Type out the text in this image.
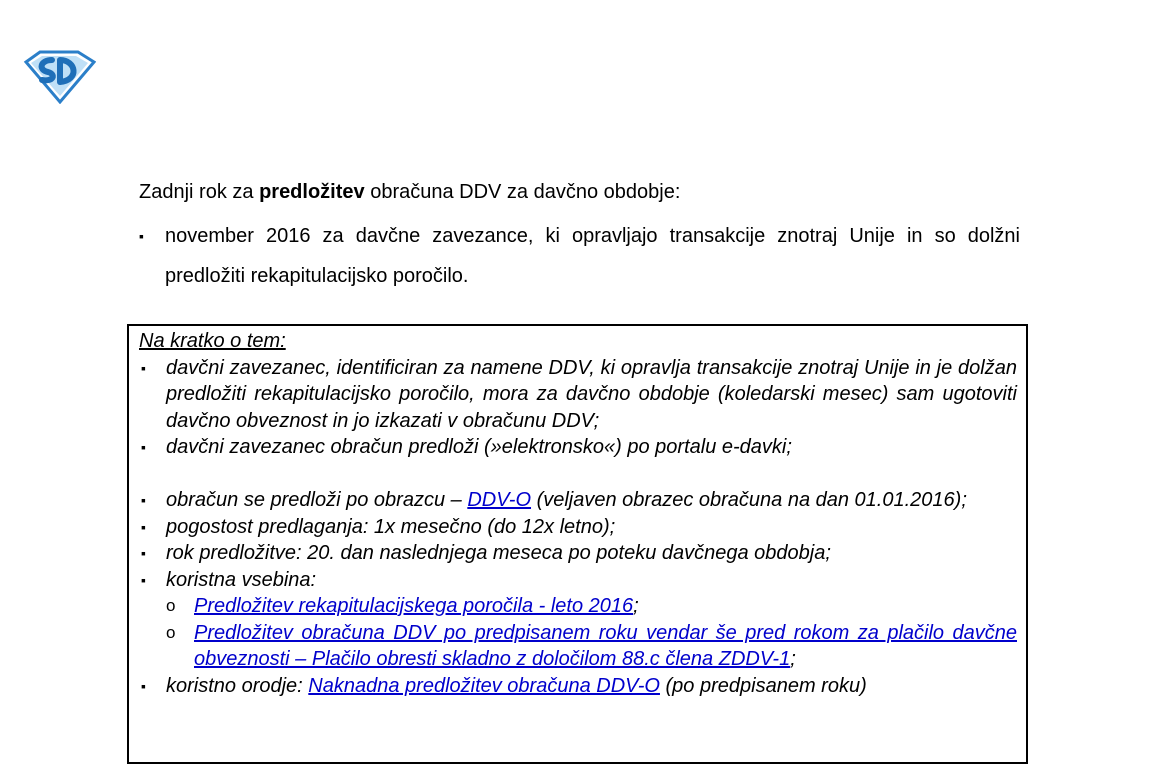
Zadnji rok za predložitev obračuna DDV za davčno obdobje:

▪ november 2016 za davčne zavezance, ki opravljajo transakcije znotraj Unije in so dolžni predložiti rekapitulacijsko poročilo.

Na kratko o tem:

▪ davčni zavezanec, identificiran za namene DDV, ki opravlja transakcije znotraj Unije in je dolžan predložiti rekapitulacijsko poročilo, mora za davčno obdobje (koledarski mesec) sam ugotoviti davčno obveznost in jo izkazati v obračunu DDV;
▪ davčni zavezanec obračun predloži (»elektronsko«) po portalu e-davki;
▪ obračun se predloži po obrazcu – DDV-O (veljaven obrazec obračuna na dan 01.01.2016);
▪ pogostost predlaganja: 1x mesečno (do 12x letno);
▪ rok predložitve: 20. dan naslednjega meseca po poteku davčnega obdobja;
▪ koristna vsebina:
o Predložitev rekapitulacijskega poročila - leto 2016;
o Predložitev obračuna DDV po predpisanem roku vendar še pred rokom za plačilo davčne obveznosti – Plačilo obresti skladno z določilom 88.c člena ZDDV-1;
▪ koristno orodje: Naknadna predložitev obračuna DDV-O (po predpisanem roku)
